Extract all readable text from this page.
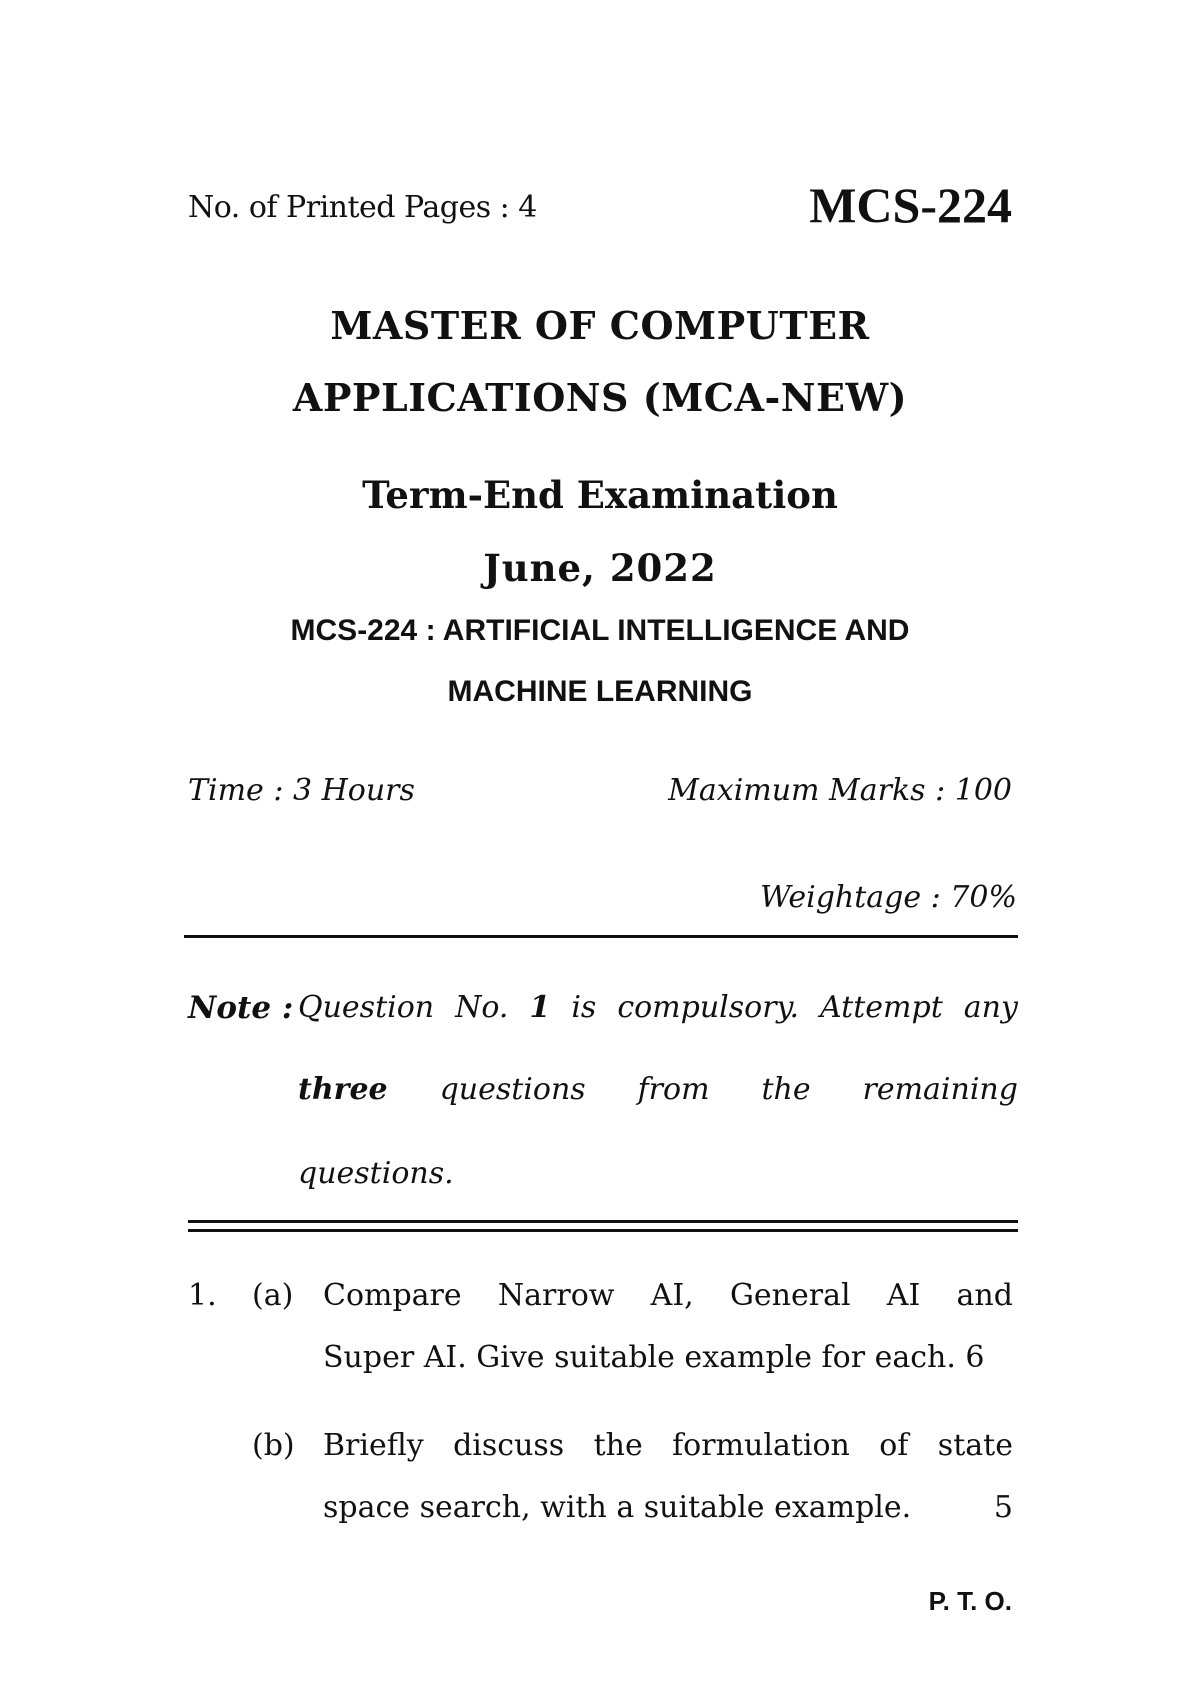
No. of Printed Pages : 4	MCS-224
MASTER OF COMPUTER
APPLICATIONS (MCA-NEW)
Term-End Examination
June, 2022
MCS-224 : ARTIFICIAL INTELLIGENCE AND
MACHINE LEARNING
Time : 3 Hours	Maximum Marks : 100
Weightage : 70%
Note : Question No. 1 is compulsory. Attempt any
three questions from the remaining
questions.
1. (a) Compare Narrow AI, General AI and
Super AI. Give suitable example for each. 6
(b) Briefly discuss the formulation of state
space search, with a suitable example.	5
P. T. O.
